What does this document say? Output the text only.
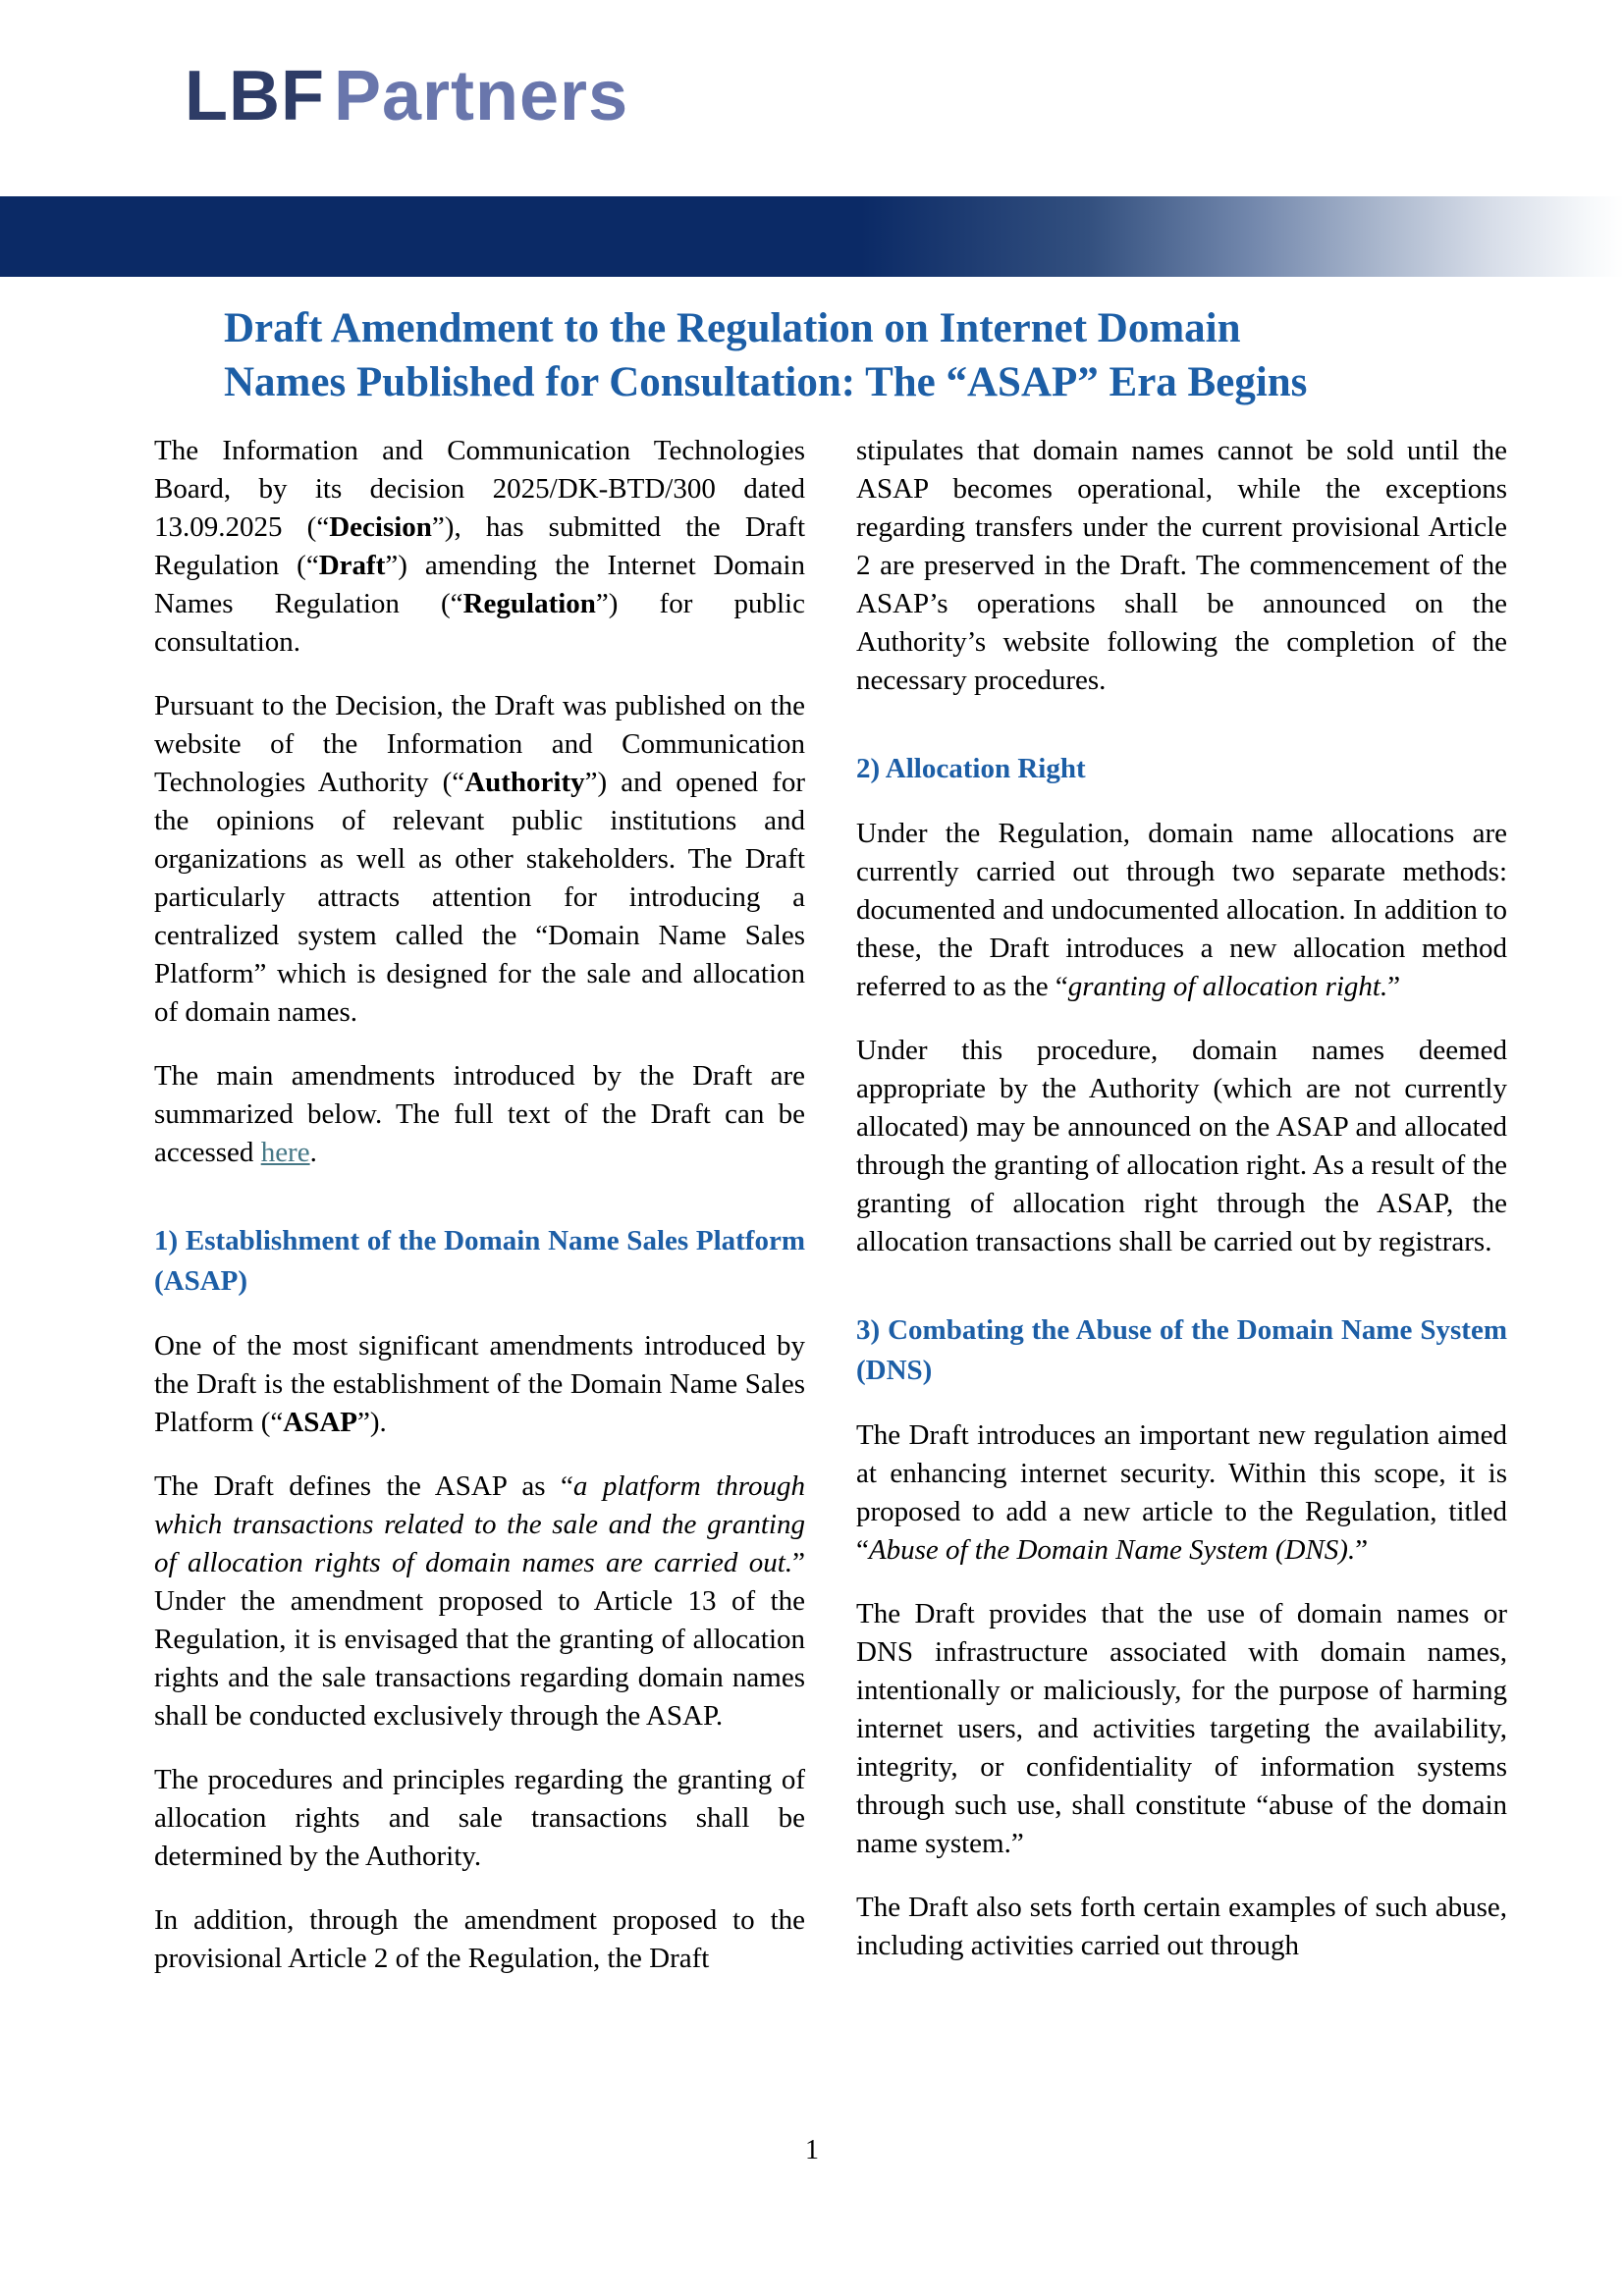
LBF Partners
Draft Amendment to the Regulation on Internet Domain
Names Published for Consultation: The “ASAP” Era Begins

The Information and Communication Technologies Board, by its decision 2025/DK-BTD/300 dated 13.09.2025 (“Decision”), has submitted the Draft Regulation (“Draft”) amending the Internet Domain Names Regulation (“Regulation”) for public consultation.

Pursuant to the Decision, the Draft was published on the website of the Information and Communication Technologies Authority (“Authority”) and opened for the opinions of relevant public institutions and organizations as well as other stakeholders. The Draft particularly attracts attention for introducing a centralized system called the “Domain Name Sales Platform” which is designed for the sale and allocation of domain names.

The main amendments introduced by the Draft are summarized below. The full text of the Draft can be accessed here.

1) Establishment of the Domain Name Sales Platform (ASAP)

One of the most significant amendments introduced by the Draft is the establishment of the Domain Name Sales Platform (“ASAP”).

The Draft defines the ASAP as “a platform through which transactions related to the sale and the granting of allocation rights of domain names are carried out.” Under the amendment proposed to Article 13 of the Regulation, it is envisaged that the granting of allocation rights and the sale transactions regarding domain names shall be conducted exclusively through the ASAP.

The procedures and principles regarding the granting of allocation rights and sale transactions shall be determined by the Authority.

In addition, through the amendment proposed to the provisional Article 2 of the Regulation, the Draft

stipulates that domain names cannot be sold until the ASAP becomes operational, while the exceptions regarding transfers under the current provisional Article 2 are preserved in the Draft. The commencement of the ASAP’s operations shall be announced on the Authority’s website following the completion of the necessary procedures.

2) Allocation Right

Under the Regulation, domain name allocations are currently carried out through two separate methods: documented and undocumented allocation. In addition to these, the Draft introduces a new allocation method referred to as the “granting of allocation right.”

Under this procedure, domain names deemed appropriate by the Authority (which are not currently allocated) may be announced on the ASAP and allocated through the granting of allocation right. As a result of the granting of allocation right through the ASAP, the allocation transactions shall be carried out by registrars.

3) Combating the Abuse of the Domain Name System (DNS)

The Draft introduces an important new regulation aimed at enhancing internet security. Within this scope, it is proposed to add a new article to the Regulation, titled “Abuse of the Domain Name System (DNS).”

The Draft provides that the use of domain names or DNS infrastructure associated with domain names, intentionally or maliciously, for the purpose of harming internet users, and activities targeting the availability, integrity, or confidentiality of information systems through such use, shall constitute “abuse of the domain name system.”

The Draft also sets forth certain examples of such abuse, including activities carried out through

1
